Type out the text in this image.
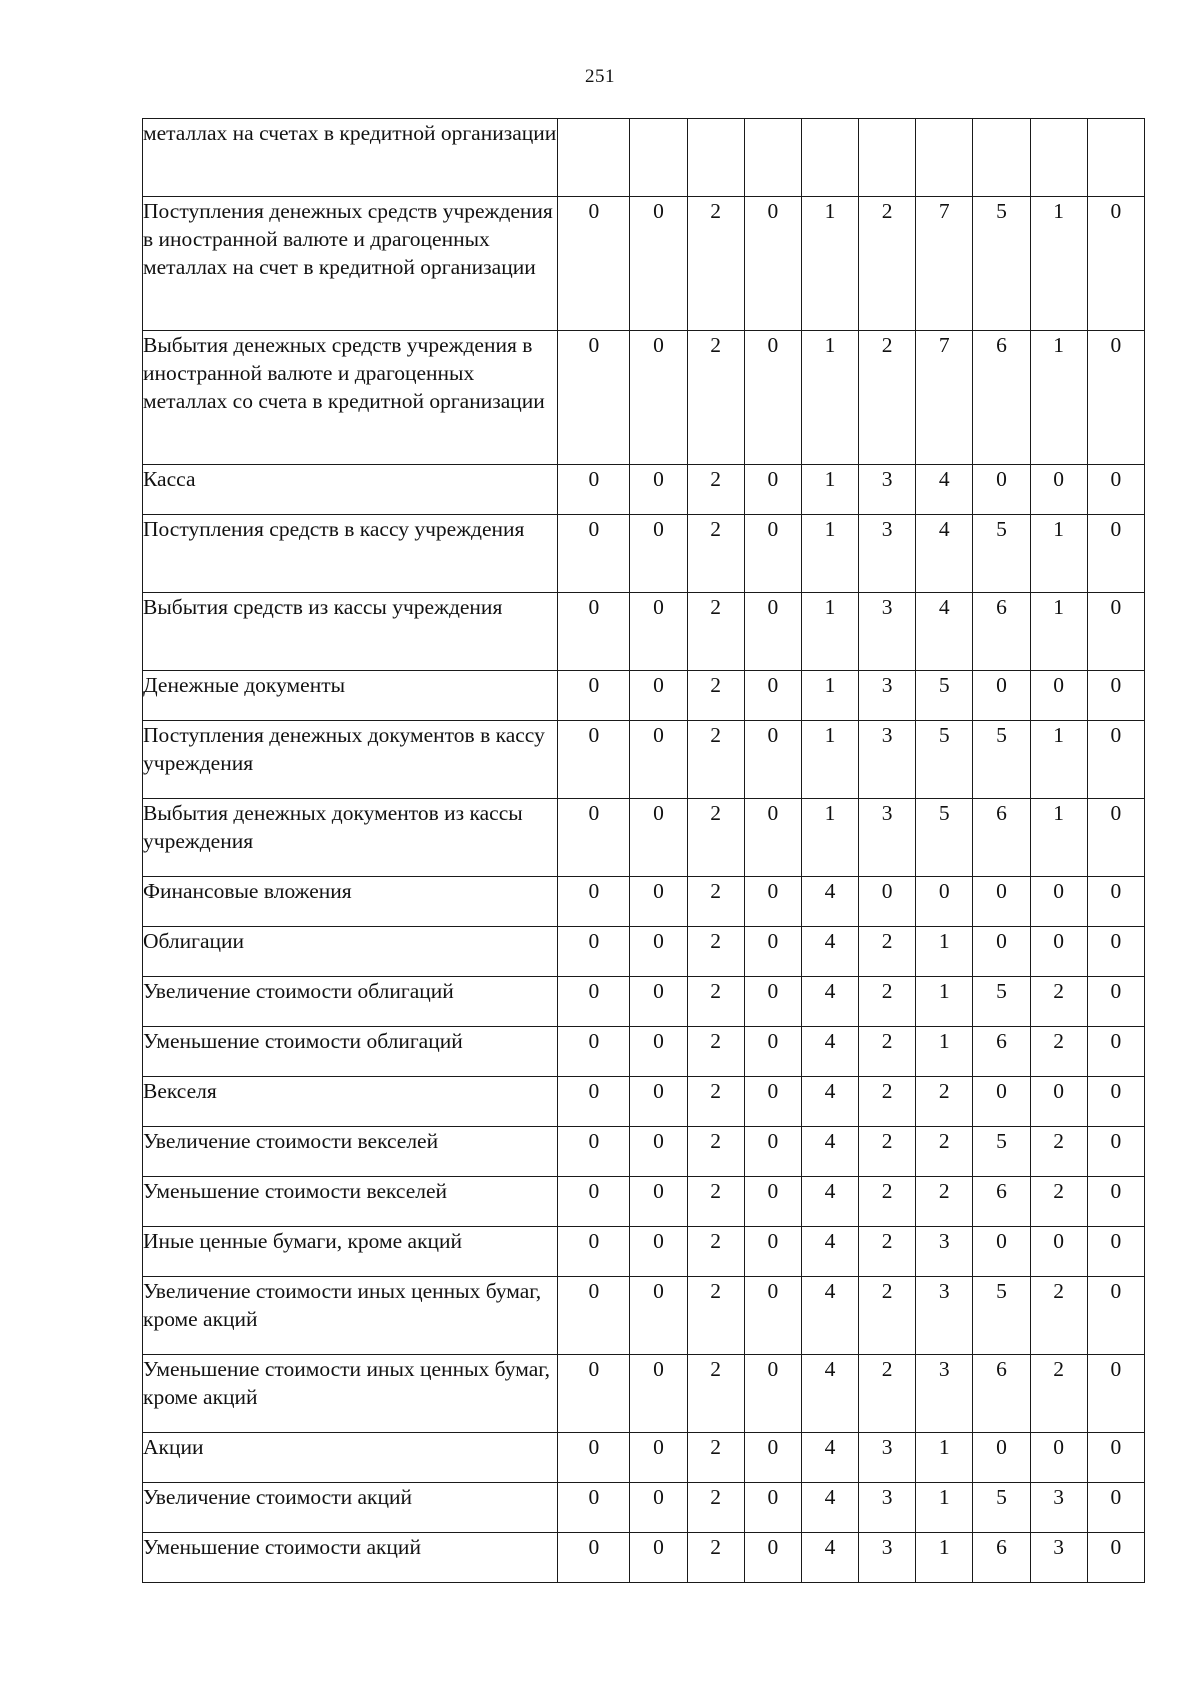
251
металлах на счетах в кредитной организации										
Поступления денежных средств учреждения в иностранной валюте и драгоценных металлах на счет в кредитной организации	0	0	2	0	1	2	7	5	1	0
Выбытия денежных средств учреждения в иностранной валюте и драгоценных металлах со счета в кредитной организации	0	0	2	0	1	2	7	6	1	0
Касса	0	0	2	0	1	3	4	0	0	0
Поступления средств в кассу учреждения	0	0	2	0	1	3	4	5	1	0
Выбытия средств из кассы учреждения	0	0	2	0	1	3	4	6	1	0
Денежные документы	0	0	2	0	1	3	5	0	0	0
Поступления денежных документов в кассу учреждения	0	0	2	0	1	3	5	5	1	0
Выбытия денежных документов из кассы учреждения	0	0	2	0	1	3	5	6	1	0
Финансовые вложения	0	0	2	0	4	0	0	0	0	0
Облигации	0	0	2	0	4	2	1	0	0	0
Увеличение стоимости облигаций	0	0	2	0	4	2	1	5	2	0
Уменьшение стоимости облигаций	0	0	2	0	4	2	1	6	2	0
Векселя	0	0	2	0	4	2	2	0	0	0
Увеличение стоимости векселей	0	0	2	0	4	2	2	5	2	0
Уменьшение стоимости векселей	0	0	2	0	4	2	2	6	2	0
Иные ценные бумаги, кроме акций	0	0	2	0	4	2	3	0	0	0
Увеличение стоимости иных ценных бумаг, кроме акций	0	0	2	0	4	2	3	5	2	0
Уменьшение стоимости иных ценных бумаг, кроме акций	0	0	2	0	4	2	3	6	2	0
Акции	0	0	2	0	4	3	1	0	0	0
Увеличение стоимости акций	0	0	2	0	4	3	1	5	3	0
Уменьшение стоимости акций	0	0	2	0	4	3	1	6	3	0
